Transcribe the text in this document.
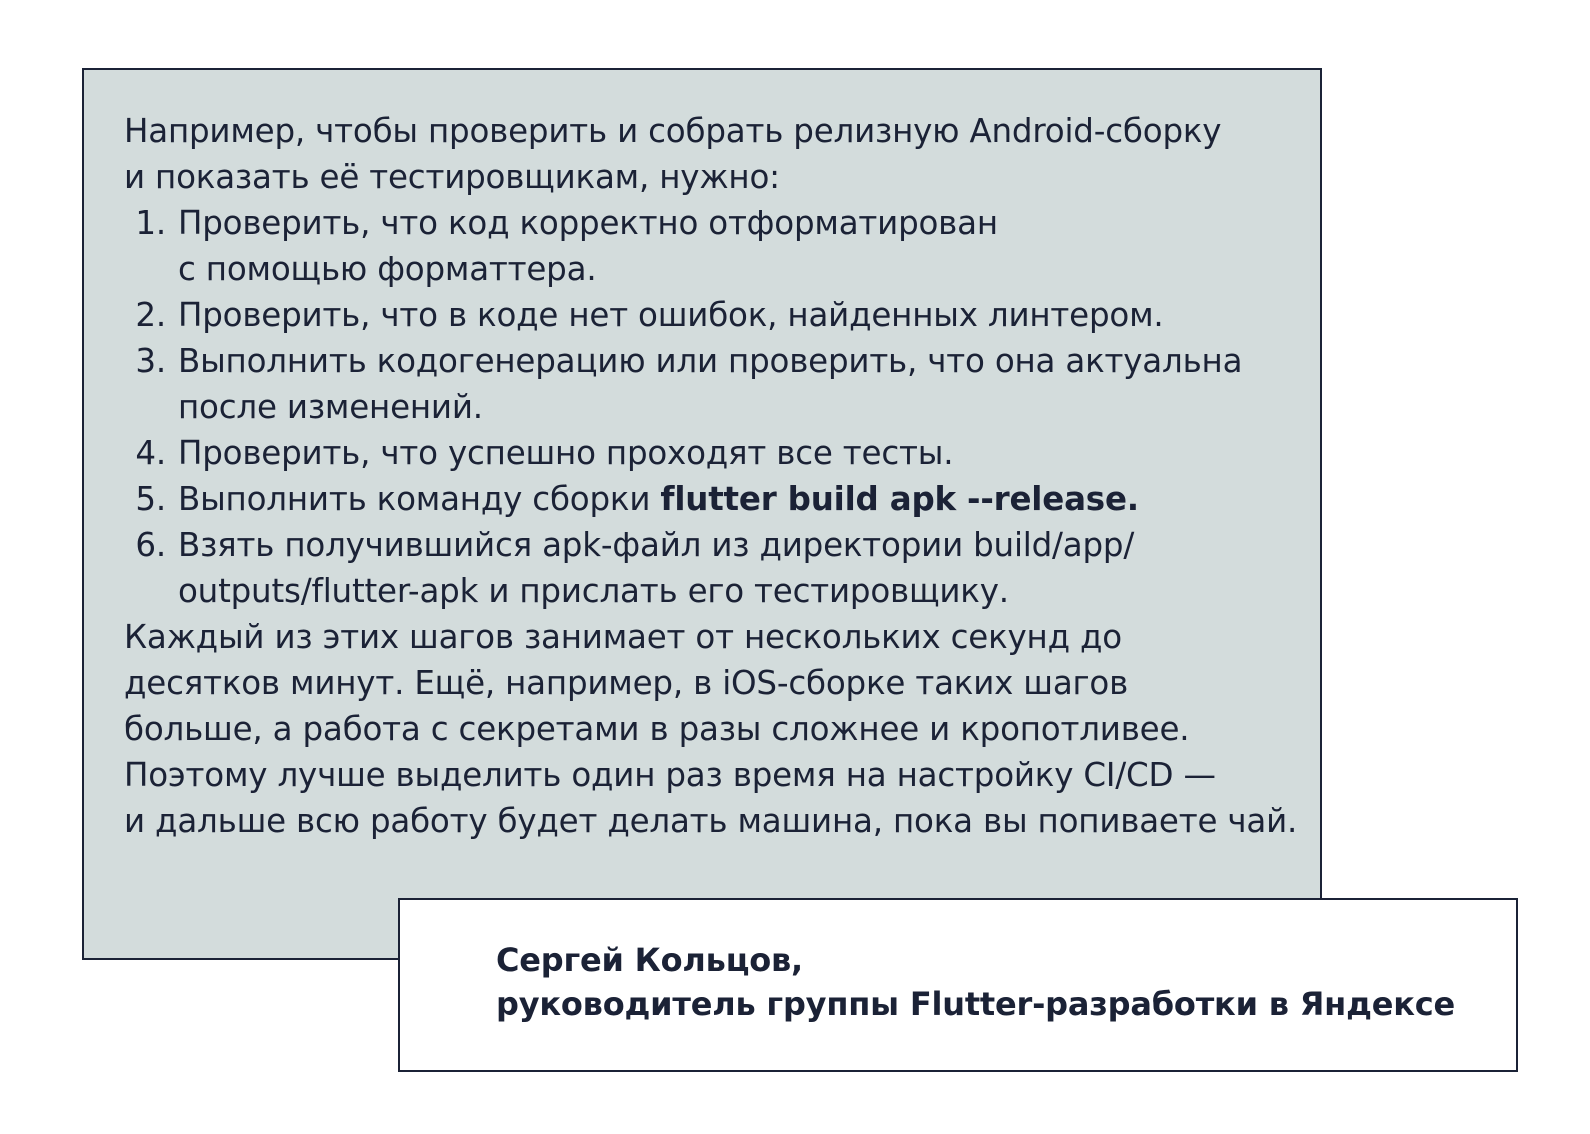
Например, чтобы проверить и собрать релизную Android-сборку

и показать её тестировщикам, нужно:

1. Проверить, что код корректно отформатирован
с помощью форматтера.
2. Проверить, что в коде нет ошибок, найденных линтером.
3. Выполнить кодогенерацию или проверить, что она актуальна
после изменений.
4. Проверить, что успешно проходят все тесты.
5. Выполнить команду сборки flutter build apk --release.
6. Взять получившийся apk-файл из директории build/app/
outputs/flutter-apk и прислать его тестировщику.

Каждый из этих шагов занимает от нескольких секунд до

десятков минут. Ещё, например, в iOS-сборке таких шагов

больше, а работа с секретами в разы сложнее и кропотливее.

Поэтому лучше выделить один раз время на настройку CI/CD —

и дальше всю работу будет делать машина, пока вы попиваете чай.

Сергей Кольцов,
руководитель группы Flutter-разработки в Яндексе
